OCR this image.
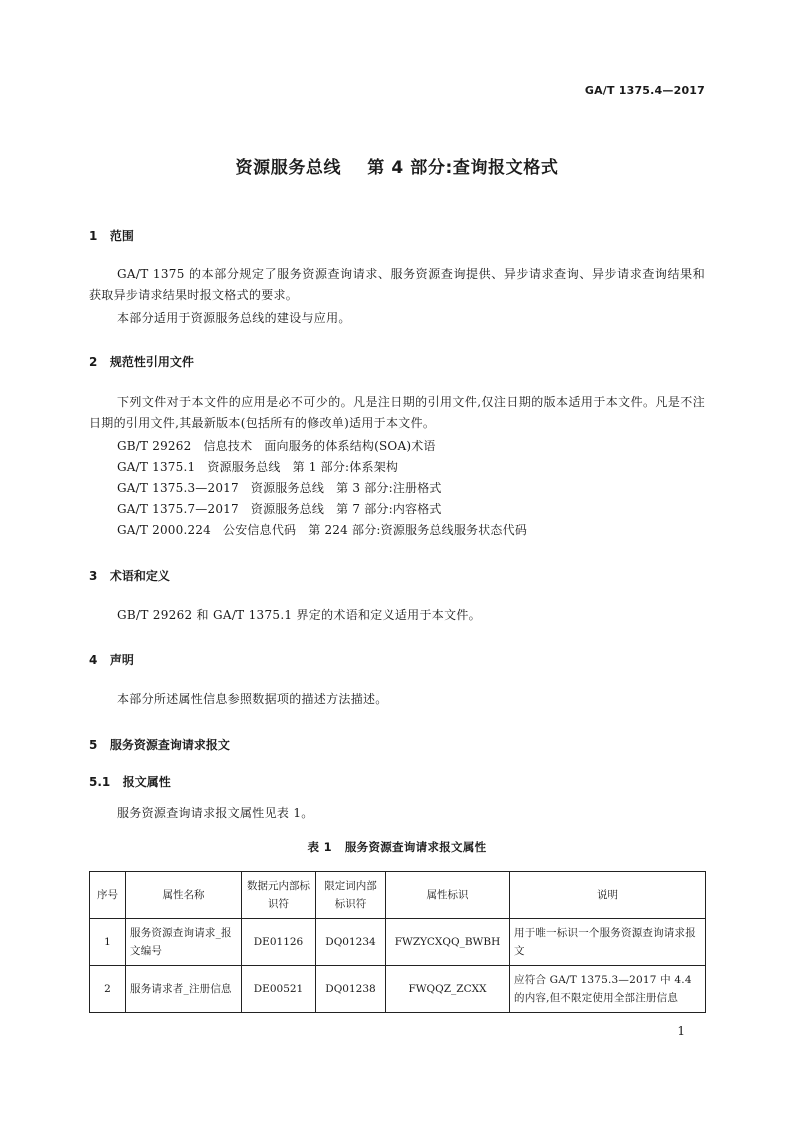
GA/T 1375.4—2017
资源服务总线    第 4 部分:查询报文格式
1   范围
GA/T 1375 的本部分规定了服务资源查询请求、服务资源查询提供、异步请求查询、异步请求查询结果和获取异步请求结果时报文格式的要求。
本部分适用于资源服务总线的建设与应用。
2   规范性引用文件
下列文件对于本文件的应用是必不可少的。凡是注日期的引用文件,仅注日期的版本适用于本文件。凡是不注日期的引用文件,其最新版本(包括所有的修改单)适用于本文件。
GB/T 29262   信息技术   面向服务的体系结构(SOA)术语
GA/T 1375.1   资源服务总线   第 1 部分:体系架构
GA/T 1375.3—2017   资源服务总线   第 3 部分:注册格式
GA/T 1375.7—2017   资源服务总线   第 7 部分:内容格式
GA/T 2000.224   公安信息代码   第 224 部分:资源服务总线服务状态代码
3   术语和定义
GB/T 29262 和 GA/T 1375.1 界定的术语和定义适用于本文件。
4   声明
本部分所述属性信息参照数据项的描述方法描述。
5   服务资源查询请求报文
5.1   报文属性
服务资源查询请求报文属性见表 1。
表 1   服务资源查询请求报文属性
序号	属性名称	数据元内部标识符	限定词内部标识符	属性标识	说明
1	服务资源查询请求_报文编号	DE01126	DQ01234	FWZYCXQQ_BWBH	用于唯一标识一个服务资源查询请求报文
2	服务请求者_注册信息	DE00521	DQ01238	FWQQZ_ZCXX	应符合 GA/T 1375.3—2017 中 4.4 的内容,但不限定使用全部注册信息
1
